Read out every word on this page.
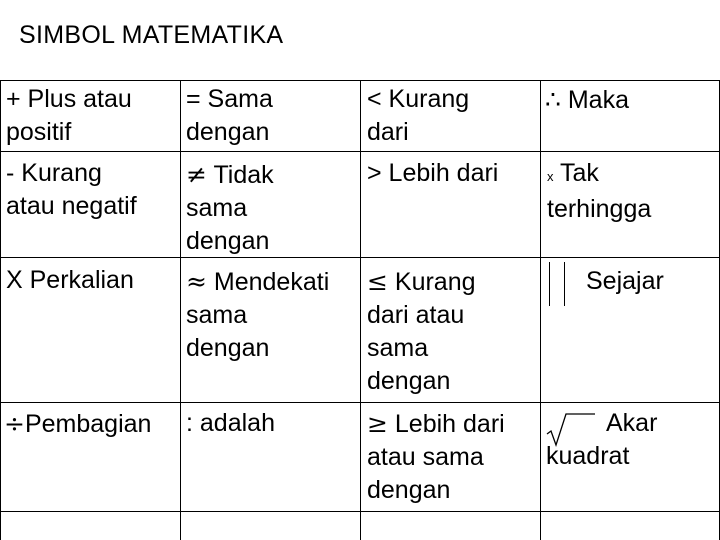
SIMBOL MATEMATIKA
+ Plus atau
positif
- Kurang
atau negatif
X Perkalian
÷Pembagian
= Sama
dengan
≠ Tidak
sama
dengan
≈ Mendekati
sama
dengan
: adalah
< Kurang
dari
> Lebih dari
≤ Kurang
dari atau
sama
dengan
≥ Lebih dari
atau sama
dengan
∴ Maka
x Tak
terhingga
Sejajar
Akar
kuadrat
